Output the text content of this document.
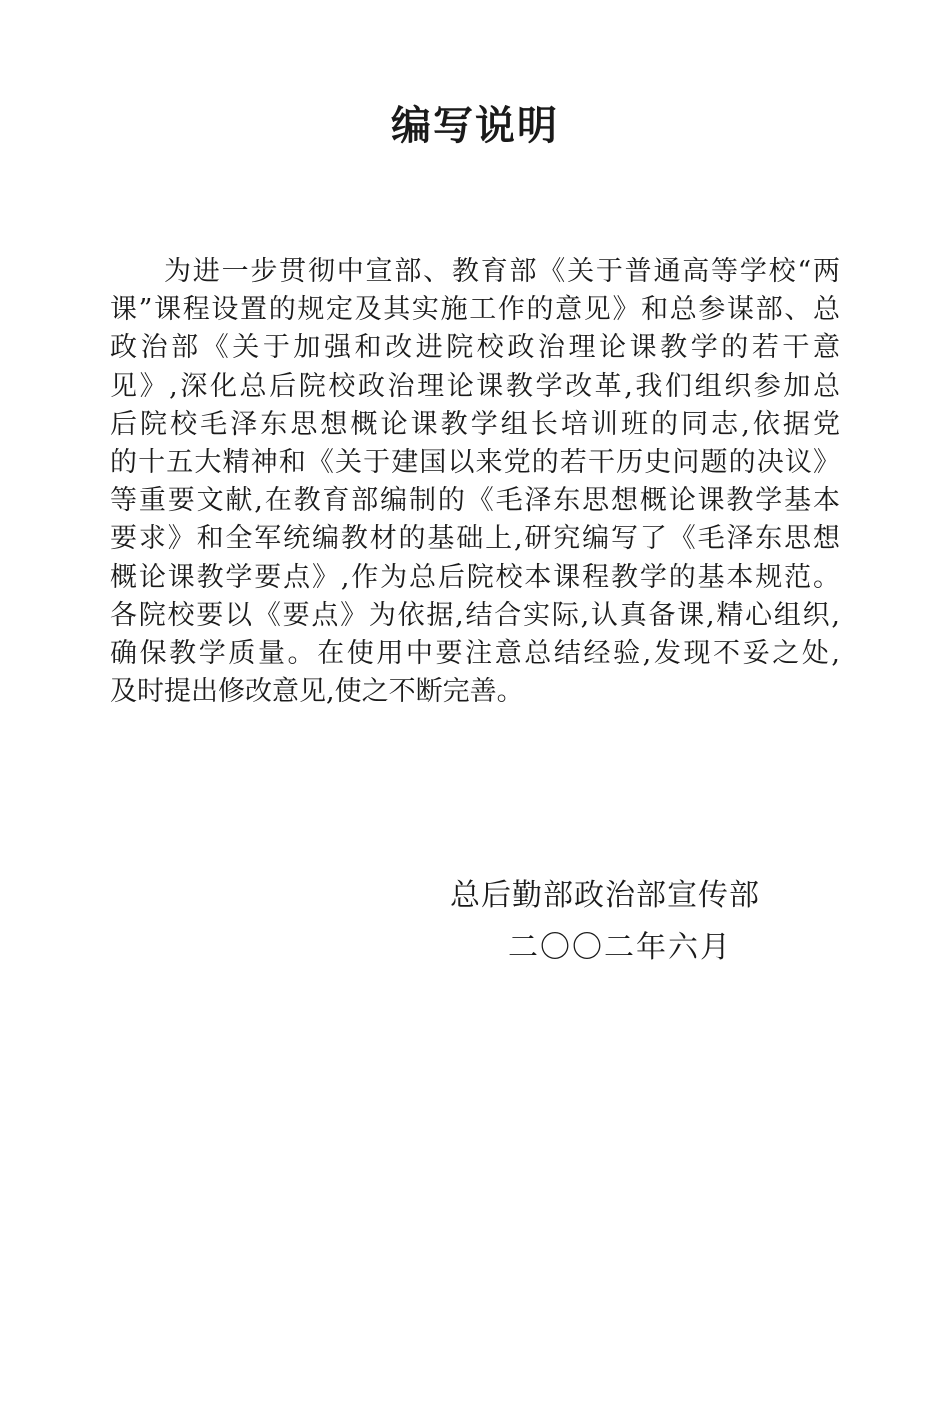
编写说明
为进一步贯彻中宣部、教育部《关于普通高等学校“两
课”课程设置的规定及其实施工作的意见》和总参谋部、总
政治部《关于加强和改进院校政治理论课教学的若干意
见》,深化总后院校政治理论课教学改革,我们组织参加总
后院校毛泽东思想概论课教学组长培训班的同志,依据党
的十五大精神和《关于建国以来党的若干历史问题的决议》
等重要文献,在教育部编制的《毛泽东思想概论课教学基本
要求》和全军统编教材的基础上,研究编写了《毛泽东思想
概论课教学要点》,作为总后院校本课程教学的基本规范。
各院校要以《要点》为依据,结合实际,认真备课,精心组织,
确保教学质量。在使用中要注意总结经验,发现不妥之处,
及时提出修改意见,使之不断完善。
总后勤部政治部宣传部
二〇〇二年六月
